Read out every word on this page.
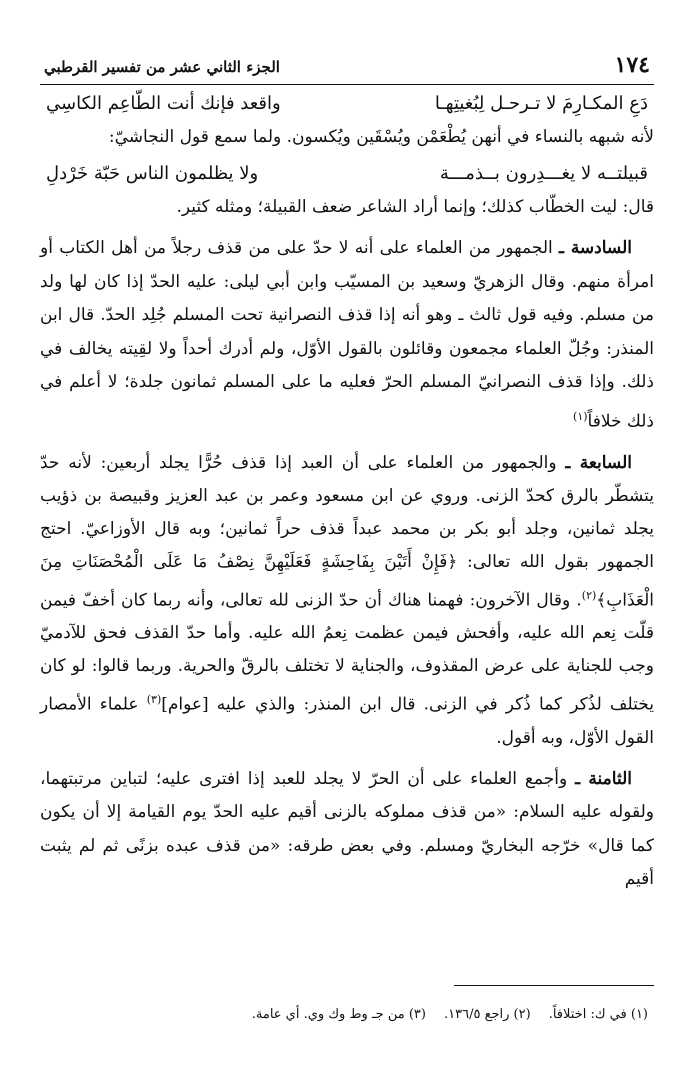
١٧٤
الجزء الثاني عشر من تفسير القرطبي
دَعِ المكـارِمَ لا تـرحـل لِبُغيتِهـا
واقعد فإنك أنت الطّاعِم الكاسِي

لأنه شبهه بالنساء في أنهن يُطْعَمْن ويُسْقَين ويُكسون. ولما سمع قول النجاشيّ:

قبيلتــه لا يغـــدِرون بــذمـــة
ولا يظلمون الناس حَبّة خَرْدلِ

قال: ليت الخطّاب كذلك؛ وإنما أراد الشاعر ضعف القبيلة؛ ومثله كثير.

السادسة ـ الجمهور من العلماء على أنه لا حدّ على من قذف رجلاً من أهل الكتاب أو امرأة منهم. وقال الزهريّ وسعيد بن المسيّب وابن أبي ليلى: عليه الحدّ إذا كان لها ولد من مسلم. وفيه قول ثالث ـ وهو أنه إذا قذف النصرانية تحت المسلم جُلِد الحدّ. قال ابن المنذر: وجُلّ العلماء مجمعون وقائلون بالقول الأوّل، ولم أدرك أحداً ولا لقِيته يخالف في ذلك. وإذا قذف النصرانيّ المسلم الحرّ فعليه ما على المسلم ثمانون جلدة؛ لا أعلم في ذلك خلافاً$^{(١)}$

السابعة ـ والجمهور من العلماء على أن العبد إذا قذف حُرًّا يجلد أربعين: لأنه حدّ يتشطّر بالرق كحدّ الزنى. وروي عن ابن مسعود وعمر بن عبد العزيز وقبيصة بن ذؤيب يجلد ثمانين، وجلد أبو بكر بن محمد عبداً قذف حراً ثمانين؛ وبه قال الأوزاعيّ. احتج الجمهور بقول الله تعالى: ﴿فَإِنْ أَتَيْنَ بِفَاحِشَةٍ فَعَلَيْهِنَّ نِصْفُ مَا عَلَى الْمُحْصَنَاتِ مِنَ الْعَذَابِ﴾$^{(٢)}$. وقال الآخرون: فهمنا هناك أن حدّ الزنى لله تعالى، وأنه ربما كان أخفّ فيمن قلّت نِعم الله عليه، وأفحش فيمن عظمت نِعمُ الله عليه. وأما حدّ القذف فحق للآدميّ وجب للجناية على عرض المقذوف، والجناية لا تختلف بالرقّ والحرية. وربما قالوا: لو كان يختلف لذُكر كما ذُكر في الزنى. قال ابن المنذر: والذي عليه [عوام]$^{(٣)}$ علماء الأمصار القول الأوّل، وبه أقول.

الثامنة ـ وأجمع العلماء على أن الحرّ لا يجلد للعبد إذا افترى عليه؛ لتباين مرتبتهما، ولقوله عليه السلام: «من قذف مملوكه بالزنى أقيم عليه الحدّ يوم القيامة إلا أن يكون كما قال» خرّجه البخاريّ ومسلم. وفي بعض طرقه: «من قذف عبده بزنًى ثم لم يثبت أقيم

(١) في ك: اختلافاً.
(٢) راجع ١٣٦/٥.
(٣) من جـ وط وك وي. أي عامة.
